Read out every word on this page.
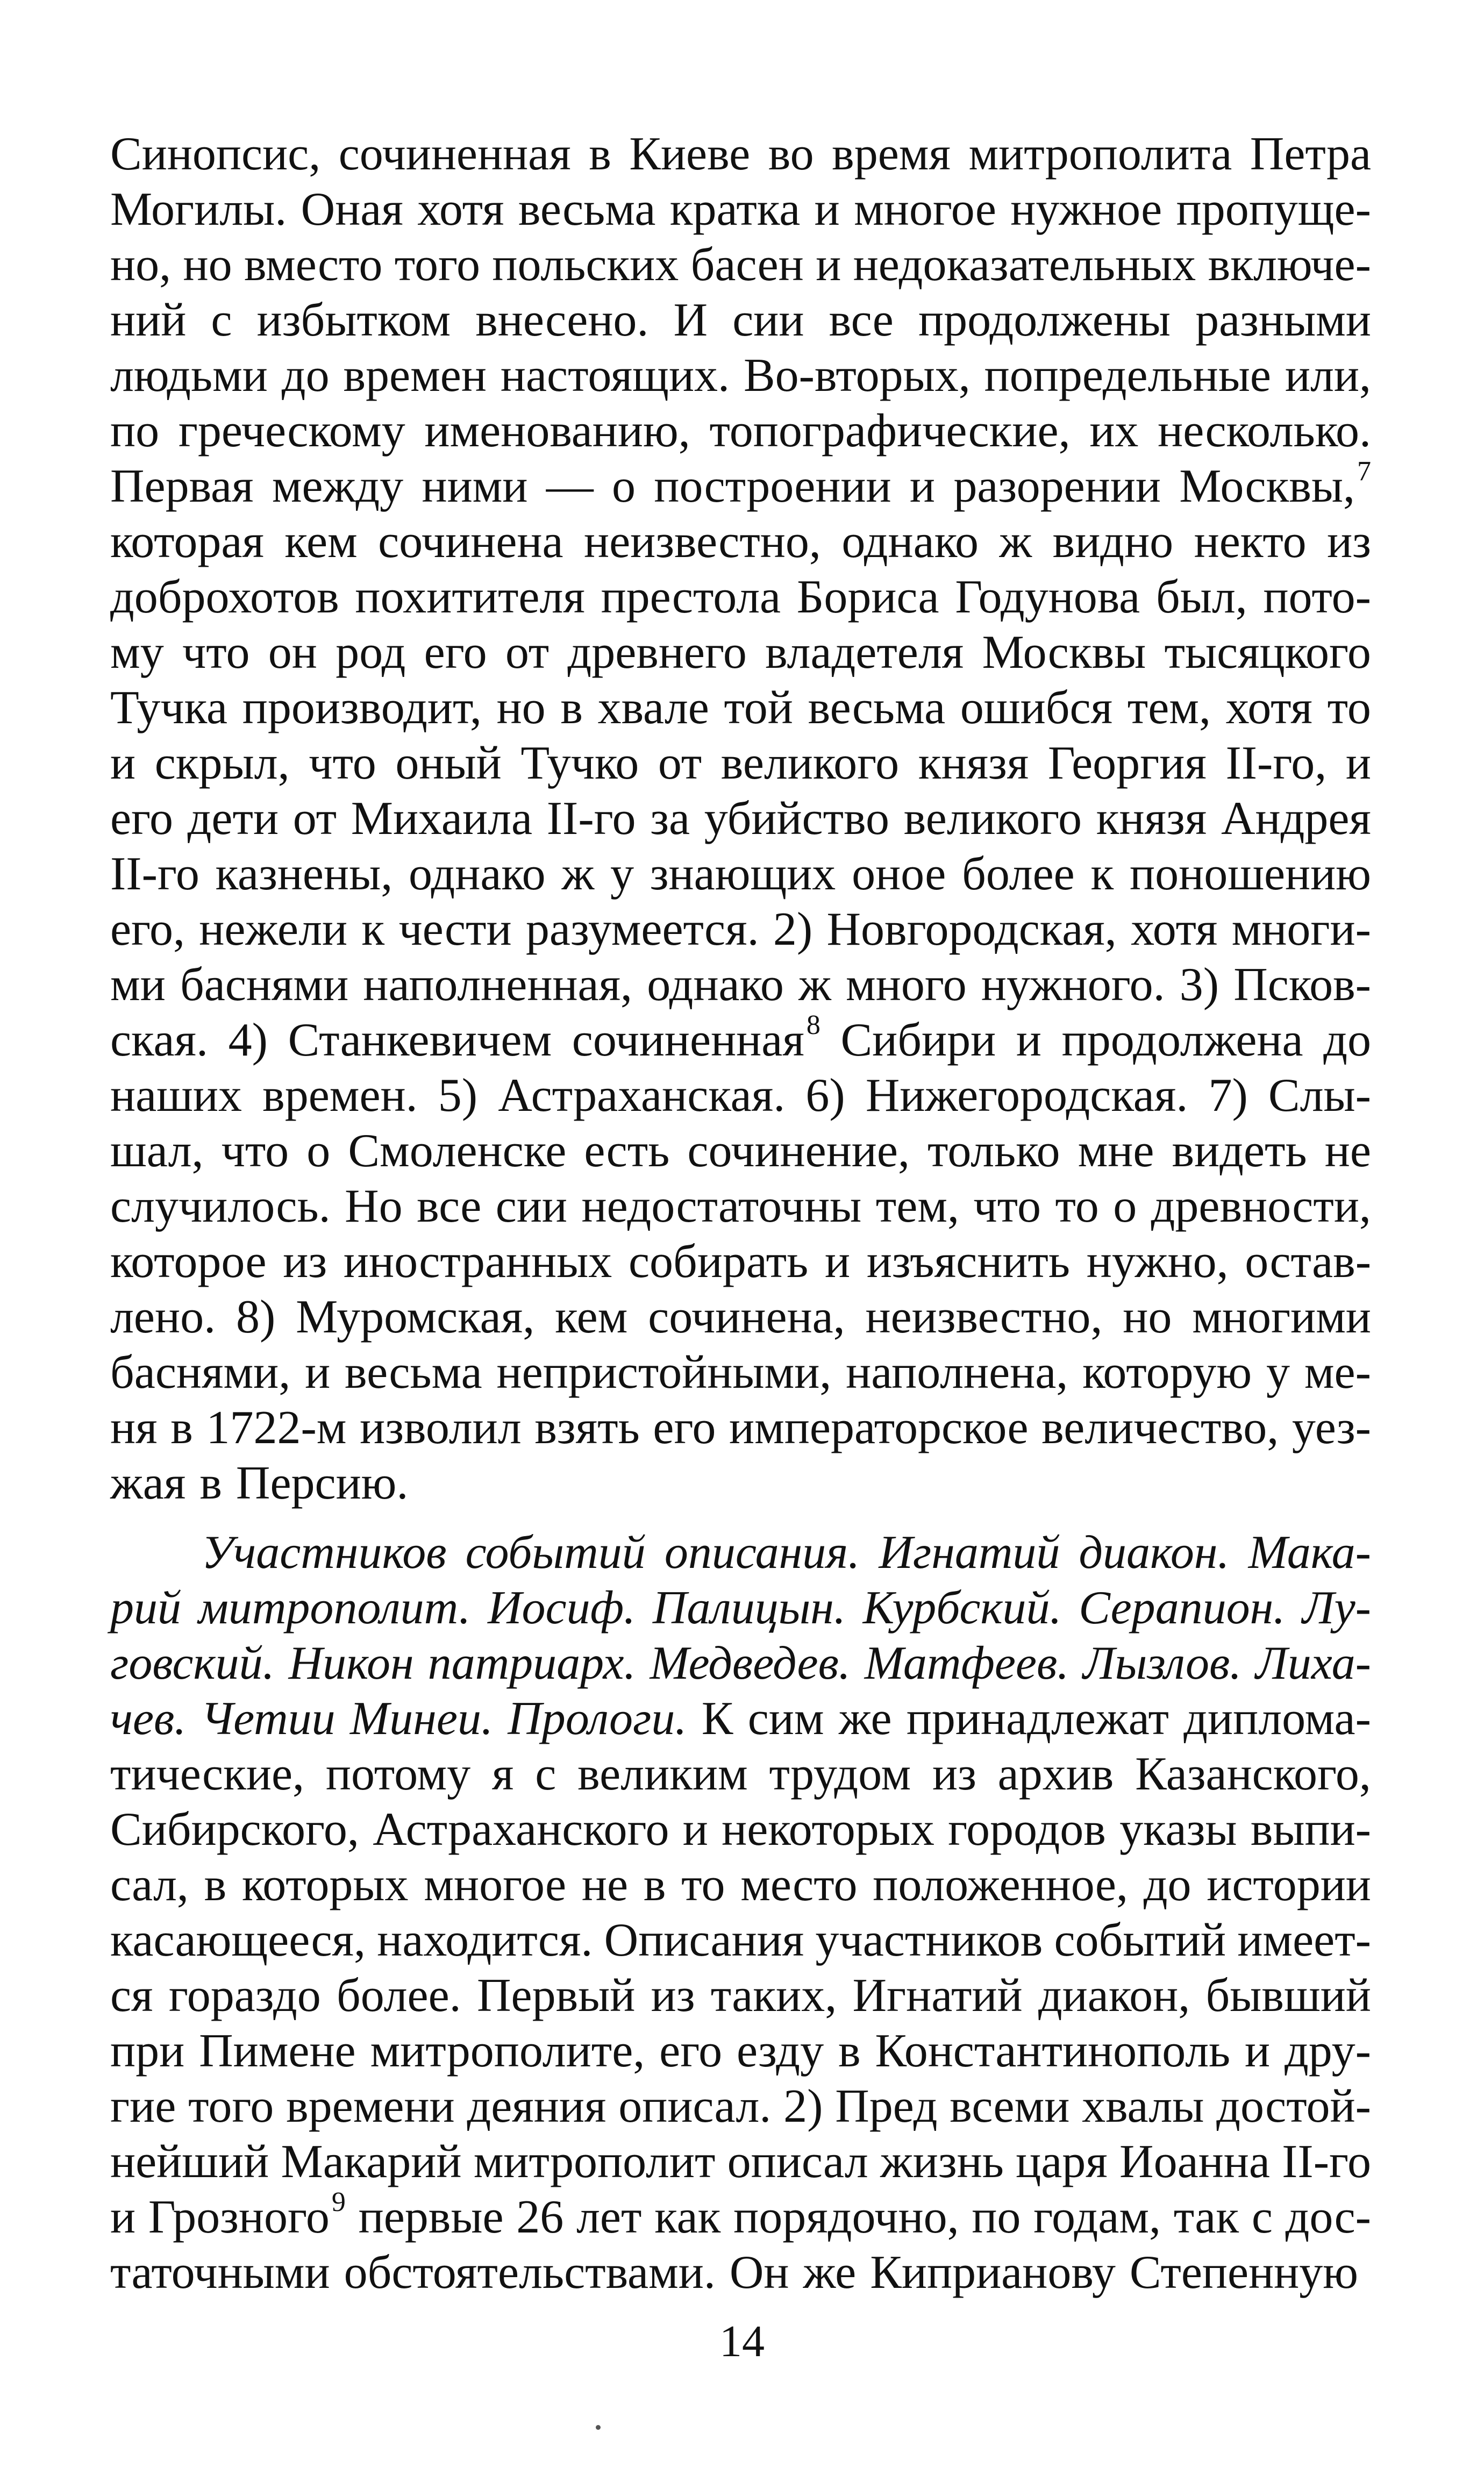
Синопсис, сочиненная в Киеве во время митрополита Петра
Могилы. Оная хотя весьма кратка и многое нужное пропуще-
но, но вместо того польских басен и недоказательных включе-
ний с избытком внесено. И сии все продолжены разными
людьми до времен настоящих. Во-вторых, попредельные или,
по греческому именованию, топографические, их несколько.
Первая между ними — о построении и разорении Москвы,$^7$
которая кем сочинена неизвестно, однако ж видно некто из
доброхотов похитителя престола Бориса Годунова был, пото-
му что он род его от древнего владетеля Москвы тысяцкого
Тучка производит, но в хвале той весьма ошибся тем, хотя то
и скрыл, что оный Тучко от великого князя Георгия II-го, и
его дети от Михаила II-го за убийство великого князя Андрея
II-го казнены, однако ж у знающих оное более к поношению
его, нежели к чести разумеется. 2) Новгородская, хотя многи-
ми баснями наполненная, однако ж много нужного. 3) Псков-
ская. 4) Станкевичем сочиненная$^8$ Сибири и продолжена до
наших времен. 5) Астраханская. 6) Нижегородская. 7) Слы-
шал, что о Смоленске есть сочинение, только мне видеть не
случилось. Но все сии недостаточны тем, что то о древности,
которое из иностранных собирать и изъяснить нужно, остав-
лено. 8) Муромская, кем сочинена, неизвестно, но многими
баснями, и весьма непристойными, наполнена, которую у ме-
ня в 1722-м изволил взять его императорское величество, уез-
жая в Персию.
Участников событий описания. Игнатий диакон. Мака-
рий митрополит. Иосиф. Палицын. Курбский. Серапион. Лу-
говский. Никон патриарх. Медведев. Матфеев. Лызлов. Лиха-
чев. Четии Минеи. Прологи. К сим же принадлежат диплома-
тические, потому я с великим трудом из архив Казанского,
Сибирского, Астраханского и некоторых городов указы выпи-
сал, в которых многое не в то место положенное, до истории
касающееся, находится. Описания участников событий имеет-
ся гораздо более. Первый из таких, Игнатий диакон, бывший
при Пимене митрополите, его езду в Константинополь и дру-
гие того времени деяния описал. 2) Пред всеми хвалы достой-
нейший Макарий митрополит описал жизнь царя Иоанна II-го
и Грозного$^9$ первые 26 лет как порядочно, по годам, так с дос-
таточными обстоятельствами. Он же Киприанову Степенную
14
